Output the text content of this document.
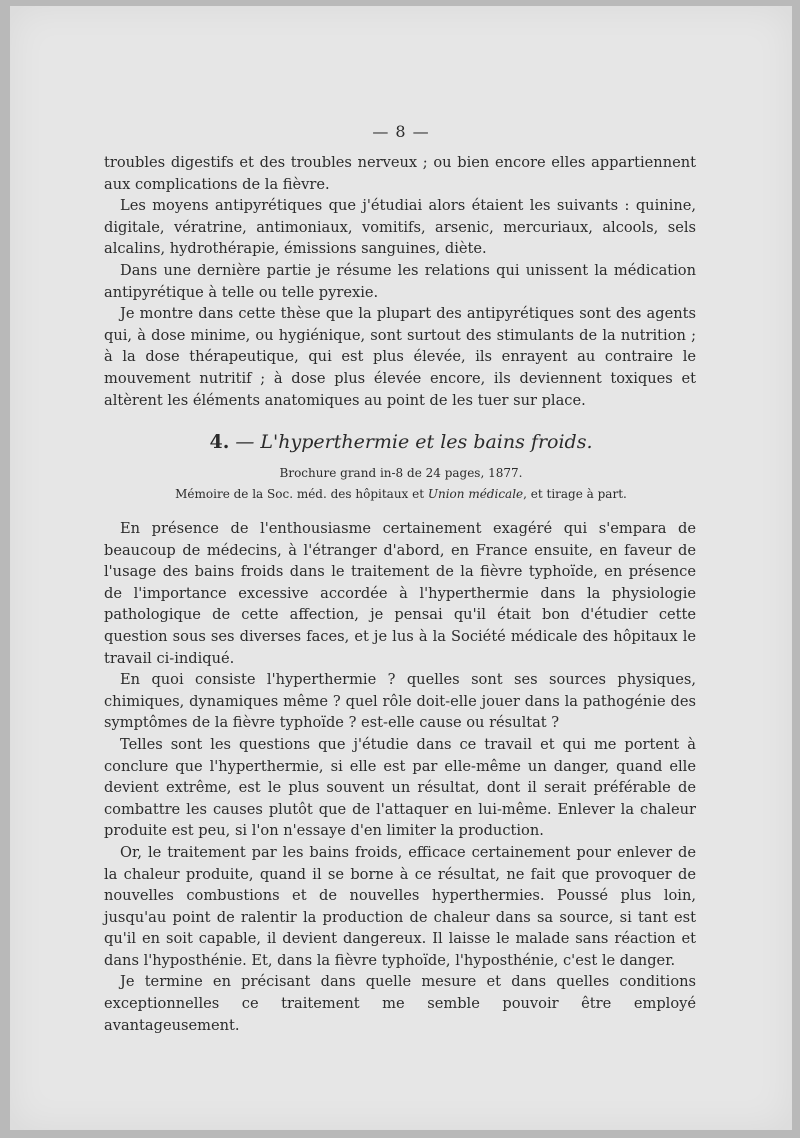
— 8 —

troubles digestifs et des troubles nerveux ; ou bien encore elles appartiennent aux complications de la fièvre.

Les moyens antipyrétiques que j'étudiai alors étaient les suivants : quinine, digitale, vératrine, antimoniaux, vomitifs, arsenic, mercuriaux, alcools, sels alcalins, hydrothérapie, émissions sanguines, diète.

Dans une dernière partie je résume les relations qui unissent la médication antipyrétique à telle ou telle pyrexie.

Je montre dans cette thèse que la plupart des antipyrétiques sont des agents qui, à dose minime, ou hygiénique, sont surtout des stimulants de la nutrition ; à la dose thérapeutique, qui est plus élevée, ils enrayent au contraire le mouvement nutritif ; à dose plus élevée encore, ils deviennent toxiques et altèrent les éléments anatomiques au point de les tuer sur place.

4. — L'hyperthermie et les bains froids.
Brochure grand in-8 de 24 pages, 1877.
Mémoire de la Soc. méd. des hôpitaux et Union médicale, et tirage à part.

En présence de l'enthousiasme certainement exagéré qui s'empara de beaucoup de médecins, à l'étranger d'abord, en France ensuite, en faveur de l'usage des bains froids dans le traitement de la fièvre typhoïde, en présence de l'importance excessive accordée à l'hyperthermie dans la physiologie pathologique de cette affection, je pensai qu'il était bon d'étudier cette question sous ses diverses faces, et je lus à la Société médicale des hôpitaux le travail ci-indiqué.

En quoi consiste l'hyperthermie ? quelles sont ses sources physiques, chimiques, dynamiques même ? quel rôle doit-elle jouer dans la pathogénie des symptômes de la fièvre typhoïde ? est-elle cause ou résultat ?

Telles sont les questions que j'étudie dans ce travail et qui me portent à conclure que l'hyperthermie, si elle est par elle-même un danger, quand elle devient extrême, est le plus souvent un résultat, dont il serait préférable de combattre les causes plutôt que de l'attaquer en lui-même. Enlever la chaleur produite est peu, si l'on n'essaye d'en limiter la production.

Or, le traitement par les bains froids, efficace certainement pour enlever de la chaleur produite, quand il se borne à ce résultat, ne fait que provoquer de nouvelles combustions et de nouvelles hyperthermies. Poussé plus loin, jusqu'au point de ralentir la production de chaleur dans sa source, si tant est qu'il en soit capable, il devient dangereux. Il laisse le malade sans réaction et dans l'hyposthénie. Et, dans la fièvre typhoïde, l'hyposthénie, c'est le danger.

Je termine en précisant dans quelle mesure et dans quelles conditions exceptionnelles ce traitement me semble pouvoir être employé avantageusement.
